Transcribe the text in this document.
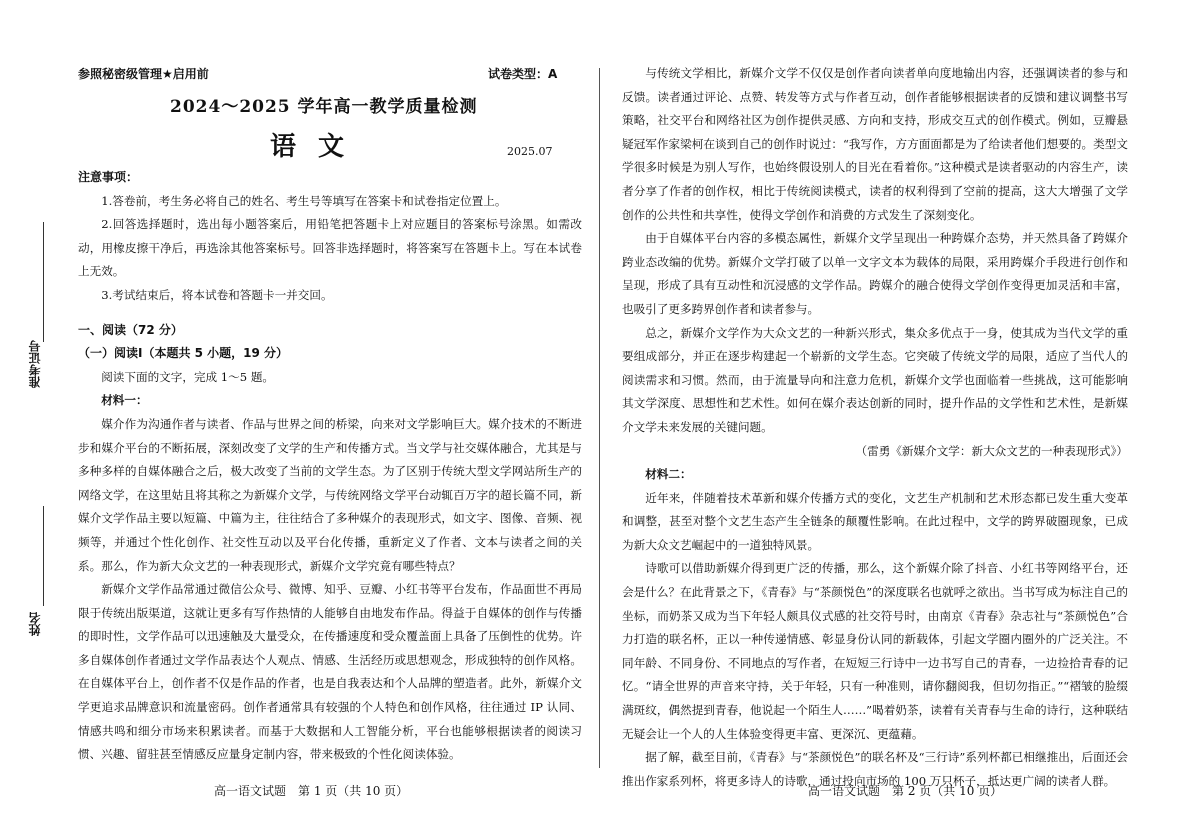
参照秘密级管理★启用前	试卷类型：A
2024～2025 学年高一教学质量检测
语文	2025.07
准考证号
姓名

注意事项：

1.答卷前，考生务必将自己的姓名、考生号等填写在答案卡和试卷指定位置上。

2.回答选择题时，选出每小题答案后，用铅笔把答题卡上对应题目的答案标号涂黑。如需改动，用橡皮擦干净后，再选涂其他答案标号。回答非选择题时，将答案写在答题卡上。写在本试卷上无效。

3.考试结束后，将本试卷和答题卡一并交回。

一、阅读（72 分）

（一）阅读Ⅰ（本题共 5 小题，19 分）

阅读下面的文字，完成 1～5 题。

材料一：

媒介作为沟通作者与读者、作品与世界之间的桥梁，向来对文学影响巨大。媒介技术的不断进步和媒介平台的不断拓展，深刻改变了文学的生产和传播方式。当文学与社交媒体融合，尤其是与多种多样的自媒体融合之后，极大改变了当前的文学生态。为了区别于传统大型文学网站所生产的网络文学，在这里姑且将其称之为新媒介文学，与传统网络文学平台动辄百万字的超长篇不同，新媒介文学作品主要以短篇、中篇为主，往往结合了多种媒介的表现形式，如文字、图像、音频、视频等，并通过个性化创作、社交性互动以及平台化传播，重新定义了作者、文本与读者之间的关系。那么，作为新大众文艺的一种表现形式，新媒介文学究竟有哪些特点？

新媒介文学作品常通过微信公众号、微博、知乎、豆瓣、小红书等平台发布，作品面世不再局限于传统出版渠道，这就让更多有写作热情的人能够自由地发布作品。得益于自媒体的创作与传播的即时性，文学作品可以迅速触及大量受众，在传播速度和受众覆盖面上具备了压倒性的优势。许多自媒体创作者通过文学作品表达个人观点、情感、生活经历或思想观念，形成独特的创作风格。在自媒体平台上，创作者不仅是作品的作者，也是自我表达和个人品牌的塑造者。此外，新媒介文学更追求品牌意识和流量密码。创作者通常具有较强的个人特色和创作风格，往往通过 IP 认同、情感共鸣和细分市场来积累读者。而基于大数据和人工智能分析，平台也能够根据读者的阅读习惯、兴趣、留驻甚至情感反应量身定制内容，带来极致的个性化阅读体验。

高一语文试题　第 1 页（共 10 页）

与传统文学相比，新媒介文学不仅仅是创作者向读者单向度地输出内容，还强调读者的参与和反馈。读者通过评论、点赞、转发等方式与作者互动，创作者能够根据读者的反馈和建议调整书写策略，社交平台和网络社区为创作提供灵感、方向和支持，形成交互式的创作模式。例如，豆瓣悬疑冠军作家梁柯在谈到自己的创作时说过：“我写作，方方面面都是为了给读者他们想要的。类型文学很多时候是为别人写作，也始终假设别人的目光在看着你。”这种模式是读者驱动的内容生产，读者分享了作者的创作权，相比于传统阅读模式，读者的权利得到了空前的提高，这大大增强了文学创作的公共性和共享性，使得文学创作和消费的方式发生了深刻变化。

由于自媒体平台内容的多模态属性，新媒介文学呈现出一种跨媒介态势，并天然具备了跨媒介跨业态改编的优势。新媒介文学打破了以单一文字文本为载体的局限，采用跨媒介手段进行创作和呈现，形成了具有互动性和沉浸感的文学作品。跨媒介的融合使得文学创作变得更加灵活和丰富，也吸引了更多跨界创作者和读者参与。

总之，新媒介文学作为大众文艺的一种新兴形式，集众多优点于一身，使其成为当代文学的重要组成部分，并正在逐步构建起一个崭新的文学生态。它突破了传统文学的局限，适应了当代人的阅读需求和习惯。然而，由于流量导向和注意力危机，新媒介文学也面临着一些挑战，这可能影响其文学深度、思想性和艺术性。如何在媒介表达创新的同时，提升作品的文学性和艺术性，是新媒介文学未来发展的关键问题。

（雷勇《新媒介文学：新大众文艺的一种表现形式》）

材料二：

近年来，伴随着技术革新和媒介传播方式的变化，文艺生产机制和艺术形态都已发生重大变革和调整，甚至对整个文艺生态产生全链条的颠覆性影响。在此过程中，文学的跨界破圈现象，已成为新大众文艺崛起中的一道独特风景。

诗歌可以借助新媒介得到更广泛的传播，那么，这个新媒介除了抖音、小红书等网络平台，还会是什么？在此背景之下，《青春》与“茶颜悦色”的深度联名也就呼之欲出。当书写成为标注自己的坐标，而奶茶又成为当下年轻人颇具仪式感的社交符号时，由南京《青春》杂志社与“茶颜悦色”合力打造的联名杯，正以一种传递情感、彰显身份认同的新载体，引起文学圈内圈外的广泛关注。不同年龄、不同身份、不同地点的写作者，在短短三行诗中一边书写自己的青春，一边捡拾青春的记忆。“请全世界的声音来守持，关于年轻，只有一种准则，请你翻阅我，但切勿指正。”“褶皱的脸缀满斑纹，偶然提到青春，他说起一个陌生人……”喝着奶茶，读着有关青春与生命的诗行，这种联结无疑会让一个人的人生体验变得更丰富、更深沉、更蕴藉。

据了解，截至目前，《青春》与“茶颜悦色”的联名杯及“三行诗”系列杯都已相继推出，后面还会推出作家系列杯，将更多诗人的诗歌，通过投向市场的 100 万只杯子，抵达更广阔的读者人群。

高一语文试题　第 2 页（共 10 页）
